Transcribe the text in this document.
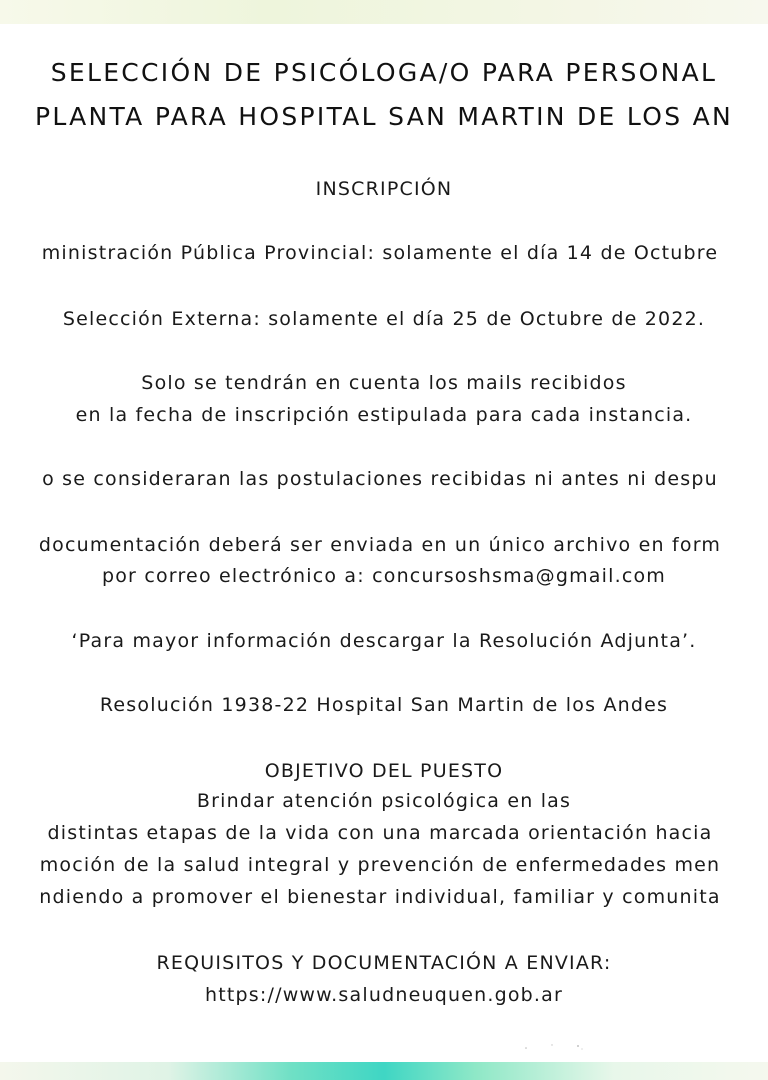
SELECCIÓN DE PSICÓLOGA/O PARA PERSONAL

PLANTA PARA HOSPITAL SAN MARTIN DE LOS AN

INSCRIPCIÓN

ministración Pública Provincial: solamente el día 14 de Octubre

Selección Externa: solamente el día 25 de Octubre de 2022.

Solo se tendrán en cuenta los mails recibidos

en la fecha de inscripción estipulada para cada instancia.

o se consideraran las postulaciones recibidas ni antes ni despu

documentación deberá ser enviada en un único archivo en form

por correo electrónico a: concursoshsma@gmail.com

‘Para mayor información descargar la Resolución Adjunta’.

Resolución 1938-22 Hospital San Martin de los Andes

OBJETIVO DEL PUESTO

Brindar atención psicológica en las

distintas etapas de la vida con una marcada orientación hacia

moción de la salud integral y prevención de enfermedades men

ndiendo a promover el bienestar individual, familiar y comunita

REQUISITOS Y DOCUMENTACIÓN A ENVIAR:

https://www.saludneuquen.gob.ar
